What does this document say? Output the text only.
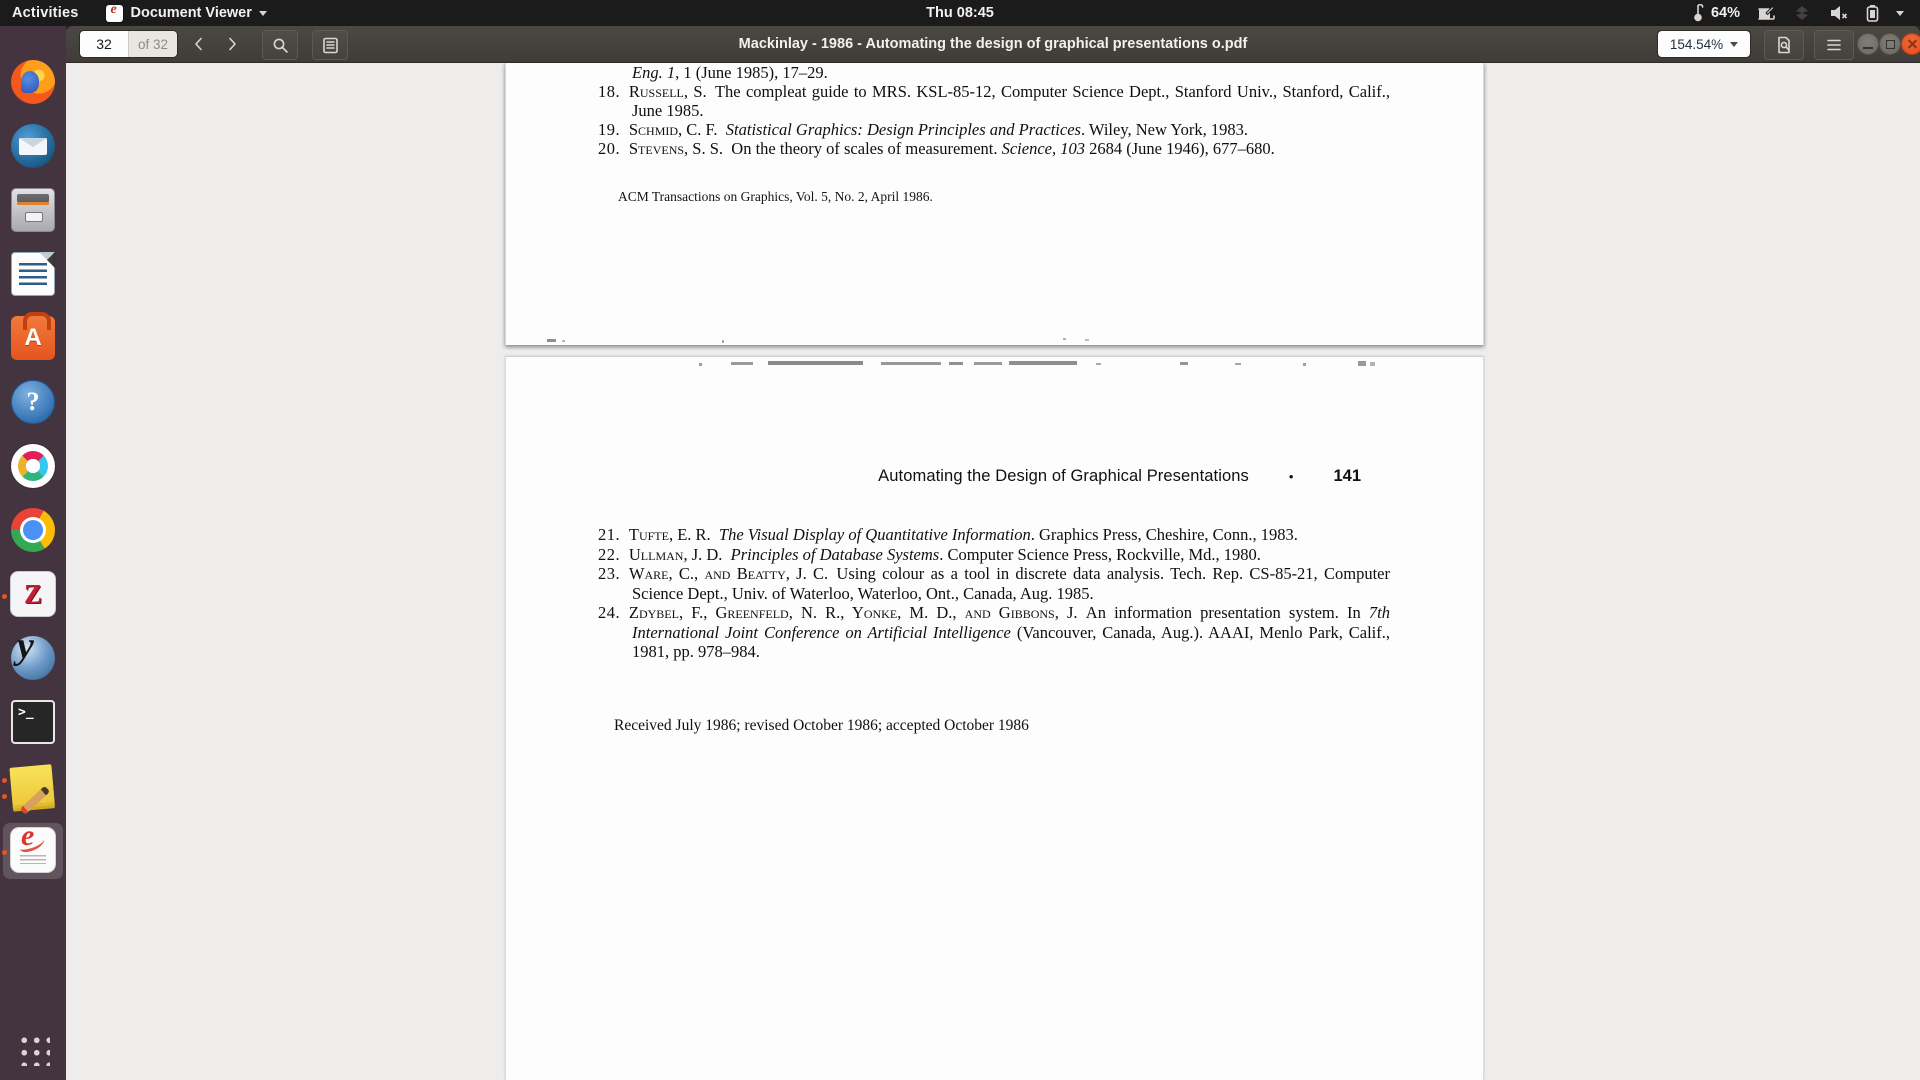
Activities e	Document Viewer	Thu 08:45	64%
32
of 32	Mackinlay - 1986 - Automating the design of graphical presentations o.pdf	154.54%
Eng. 1, 1 (June 1985), 17–29.
18. Russell, S. The compleat guide to MRS. KSL-85-12, Computer Science Dept., Stanford Univ., Stanford, Calif., June 1985.
19. Schmid, C. F. Statistical Graphics: Design Principles and Practices. Wiley, New York, 1983.
20. Stevens, S. S. On the theory of scales of measurement. Science, 103 2684 (June 1946), 677–680.
ACM Transactions on Graphics, Vol. 5, No. 2, April 1986.
Automating the Design of Graphical Presentations	• 141
21. Tufte, E. R. The Visual Display of Quantitative Information. Graphics Press, Cheshire, Conn., 1983.
22. Ullman, J. D. Principles of Database Systems. Computer Science Press, Rockville, Md., 1980.
23. Ware, C., and Beatty, J. C. Using colour as a tool in discrete data analysis. Tech. Rep. CS-85-21, Computer Science Dept., Univ. of Waterloo, Waterloo, Ont., Canada, Aug. 1985.
24. Zdybel, F., Greenfeld, N. R., Yonke, M. D., and Gibbons, J. An information presentation system. In 7th International Joint Conference on Artificial Intelligence (Vancouver, Canada, Aug.). AAAI, Menlo Park, Calif., 1981, pp. 978–984.
Received July 1986; revised October 1986; accepted October 1986
